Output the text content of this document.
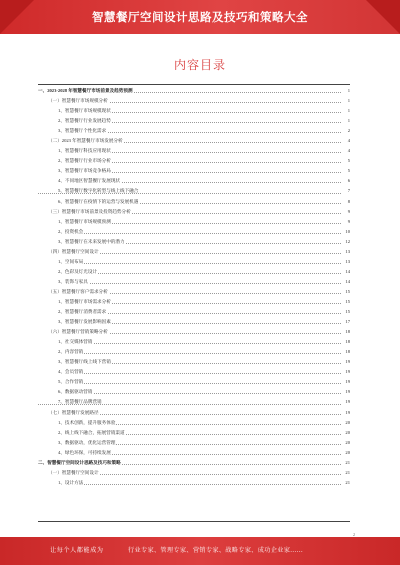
智慧餐厅空间设计思路及技巧和策略大全
内容目录
一、2023-2028 年智慧餐厅市场前景及趋势预测	1
（一）智慧餐厅市场规模分析	1
1、智慧餐厅市场规模现状	1
2、智慧餐厅行业发展趋势	1
3、智慧餐厅个性化需求	2
（二）2023 年智慧餐厅市场发展分析	4
1、智慧餐厅科技应用现状	4
2、智慧餐厅行业市场分析	5
3、智慧餐厅市场竞争格局	5
4、不同地区智慧餐厅发展现状	6
5、智慧餐厅数字化转型与线上线下融合	7
6、智慧餐厅在疫情下的运营与发展机遇	8
（三）智慧餐厅市场前景及投资趋势分析	9
1、智慧餐厅市场规模预测	9
2、投资机会	10
3、智慧餐厅在未来发展中的潜力	12
（四）智慧餐厅空间设计	13
1、空间布局	13
2、色彩及灯光设计	14
3、装饰与家具	14
（五）智慧餐厅客户需求分析	15
1、智慧餐厅市场需求分析	15
2、智慧餐厅消费者需求	15
3、智慧餐厅发展影响因素	17
（六）智慧餐厅营销策略分析	18
1、社交媒体营销	18
2、内容营销	18
3、智慧餐厅线上线下营销	19
4、会员营销	19
5、合作营销	19
6、数据驱动营销	19
7、智慧餐厅品牌营销	19
（七）智慧餐厅发展路径	19
1、技术创新，提升服务体验	20
2、线上线下融合，拓展营销渠道	20
3、数据驱动，优化运营管理	20
4、绿色环保，可持续发展	20
二、智慧餐厅空间设计思路及技巧和策略	21
（一）智慧餐厅空间设计	21
1、设计方法	21
2
让每个人都能成为	行业专家、管理专家、营销专家、战略专家、成功企业家……
